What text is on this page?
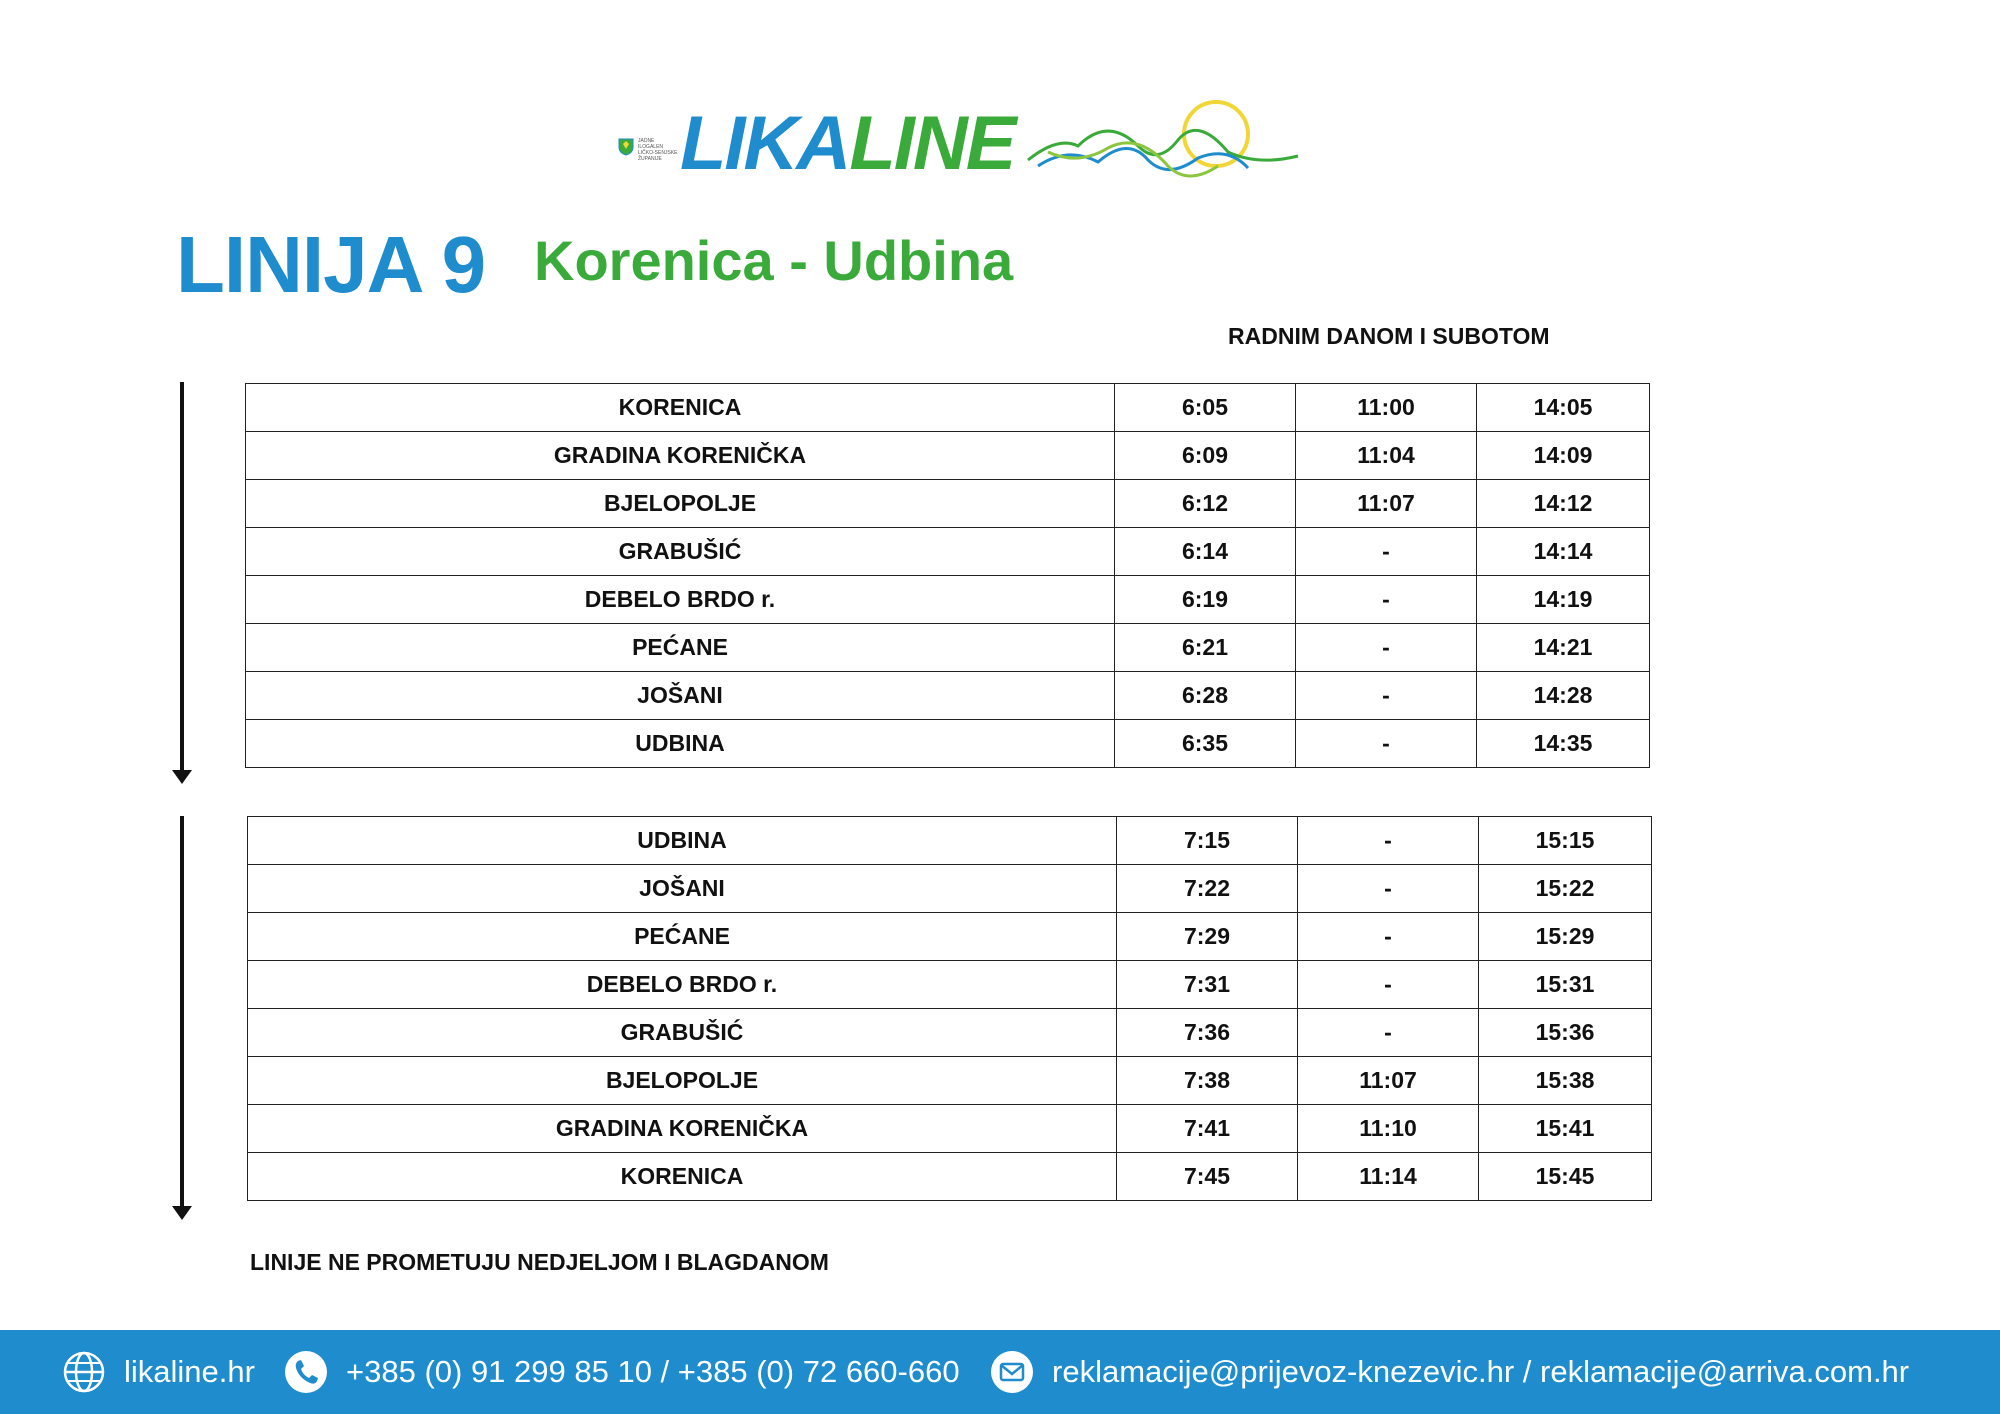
JADNE ILOGALEN LIČKO-SENJSKE ŽUPANIJE LIKALINE
LINIJA 9 Korenica - Udbina
RADNIM DANOM I SUBOTOM
KORENICA	6:05	11:00	14:05
GRADINA KORENIČKA	6:09	11:04	14:09
BJELOPOLJE	6:12	11:07	14:12
GRABUŠIĆ	6:14	-	14:14
DEBELO BRDO r.	6:19	-	14:19
PEĆANE	6:21	-	14:21
JOŠANI	6:28	-	14:28
UDBINA	6:35	-	14:35
UDBINA	7:15	-	15:15
JOŠANI	7:22	-	15:22
PEĆANE	7:29	-	15:29
DEBELO BRDO r.	7:31	-	15:31
GRABUŠIĆ	7:36	-	15:36
BJELOPOLJE	7:38	11:07	15:38
GRADINA KORENIČKA	7:41	11:10	15:41
KORENICA	7:45	11:14	15:45
LINIJE NE PROMETUJU NEDJELJOM I BLAGDANOM
likaline.hr	+385 (0) 91 299 85 10 / +385 (0) 72 660-660	reklamacije@prijevoz-knezevic.hr / reklamacije@arriva.com.hr
